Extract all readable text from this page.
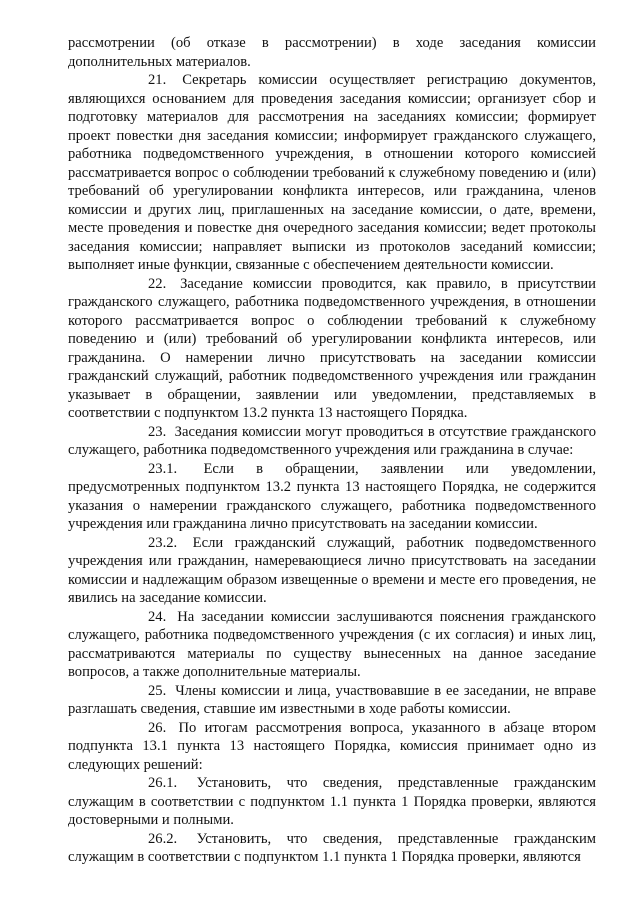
рассмотрении (об отказе в рассмотрении) в ходе заседания комиссии дополнительных материалов.

21. Секретарь комиссии осуществляет регистрацию документов, являющихся основанием для проведения заседания комиссии; организует сбор и подготовку материалов для рассмотрения на заседаниях комиссии; формирует проект повестки дня заседания комиссии; информирует гражданского служащего, работника подведомственного учреждения, в отношении которого комиссией рассматривается вопрос о соблюдении требований к служебному поведению и (или) требований об урегулировании конфликта интересов, или гражданина, членов комиссии и других лиц, приглашенных на заседание комиссии, о дате, времени, месте проведения и повестке дня очередного заседания комиссии; ведет протоколы заседания комиссии; направляет выписки из протоколов заседаний комиссии; выполняет иные функции, связанные с обеспечением деятельности комиссии.

22. Заседание комиссии проводится, как правило, в присутствии гражданского служащего, работника подведомственного учреждения, в отношении которого рассматривается вопрос о соблюдении требований к служебному поведению и (или) требований об урегулировании конфликта интересов, или гражданина. О намерении лично присутствовать на заседании комиссии гражданский служащий, работник подведомственного учреждения или гражданин указывает в обращении, заявлении или уведомлении, представляемых в соответствии с подпунктом 13.2 пункта 13 настоящего Порядка.

23. Заседания комиссии могут проводиться в отсутствие гражданского служащего, работника подведомственного учреждения или гражданина в случае:

23.1. Если в обращении, заявлении или уведомлении, предусмотренных подпунктом 13.2 пункта 13 настоящего Порядка, не содержится указания о намерении гражданского служащего, работника подведомственного учреждения или гражданина лично присутствовать на заседании комиссии.

23.2. Если гражданский служащий, работник подведомственного учреждения или гражданин, намеревающиеся лично присутствовать на заседании комиссии и надлежащим образом извещенные о времени и месте его проведения, не явились на заседание комиссии.

24. На заседании комиссии заслушиваются пояснения гражданского служащего, работника подведомственного учреждения (с их согласия) и иных лиц, рассматриваются материалы по существу вынесенных на данное заседание вопросов, а также дополнительные материалы.

25. Члены комиссии и лица, участвовавшие в ее заседании, не вправе разглашать сведения, ставшие им известными в ходе работы комиссии.

26. По итогам рассмотрения вопроса, указанного в абзаце втором подпункта 13.1 пункта 13 настоящего Порядка, комиссия принимает одно из следующих решений:

26.1. Установить, что сведения, представленные гражданским служащим в соответствии с подпунктом 1.1 пункта 1 Порядка проверки, являются достоверными и полными.

26.2. Установить, что сведения, представленные гражданским служащим в соответствии с подпунктом 1.1 пункта 1 Порядка проверки, являются
